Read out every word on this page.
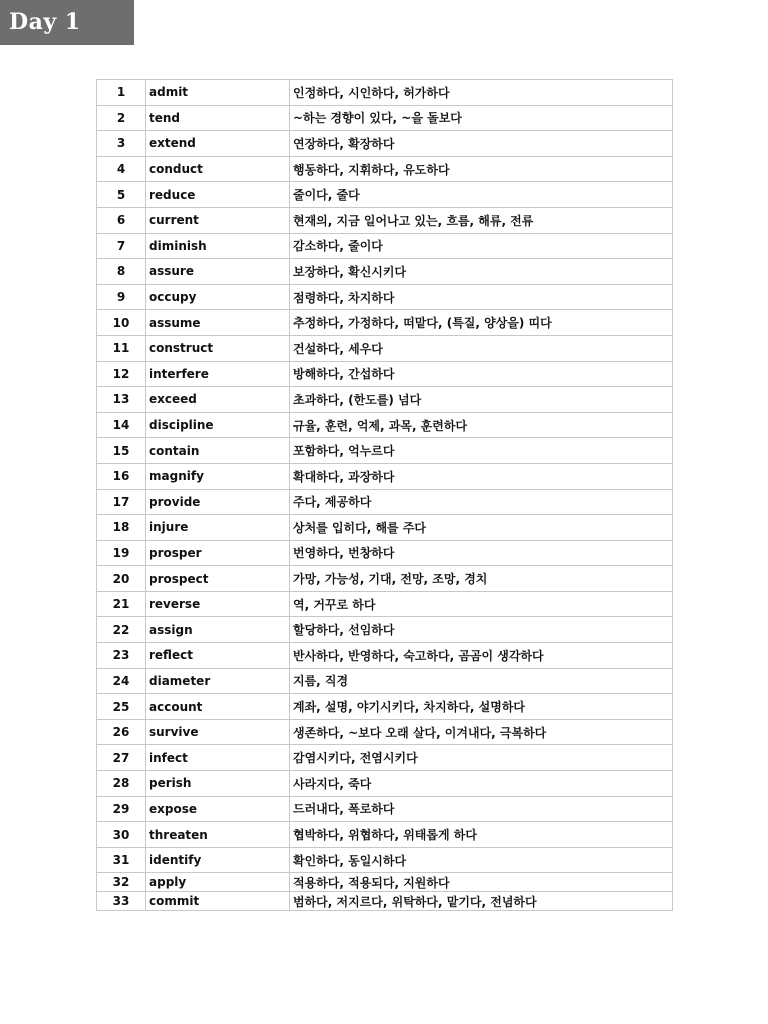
Day 1
1	admit	인정하다, 시인하다, 허가하다
2	tend	~하는 경향이 있다, ~을 돌보다
3	extend	연장하다, 확장하다
4	conduct	행동하다, 지휘하다, 유도하다
5	reduce	줄이다, 줄다
6	current	현재의, 지금 일어나고 있는, 흐름, 해류, 전류
7	diminish	감소하다, 줄이다
8	assure	보장하다, 확신시키다
9	occupy	점령하다, 차지하다
10	assume	추정하다, 가정하다, 떠맡다, (특질, 양상을) 띠다
11	construct	건설하다, 세우다
12	interfere	방해하다, 간섭하다
13	exceed	초과하다, (한도를) 넘다
14	discipline	규율, 훈련, 억제, 과목, 훈련하다
15	contain	포함하다, 억누르다
16	magnify	확대하다, 과장하다
17	provide	주다, 제공하다
18	injure	상처를 입히다, 해를 주다
19	prosper	번영하다, 번창하다
20	prospect	가망, 가능성, 기대, 전망, 조망, 경치
21	reverse	역, 거꾸로 하다
22	assign	할당하다, 선임하다
23	reflect	반사하다, 반영하다, 숙고하다, 곰곰이 생각하다
24	diameter	지름, 직경
25	account	계좌, 설명, 야기시키다, 차지하다, 설명하다
26	survive	생존하다, ~보다 오래 살다, 이겨내다, 극복하다
27	infect	감염시키다, 전염시키다
28	perish	사라지다, 죽다
29	expose	드러내다, 폭로하다
30	threaten	협박하다, 위협하다, 위태롭게 하다
31	identify	확인하다, 동일시하다
32	apply	적용하다, 적용되다, 지원하다
33	commit	범하다, 저지르다, 위탁하다, 맡기다, 전념하다
